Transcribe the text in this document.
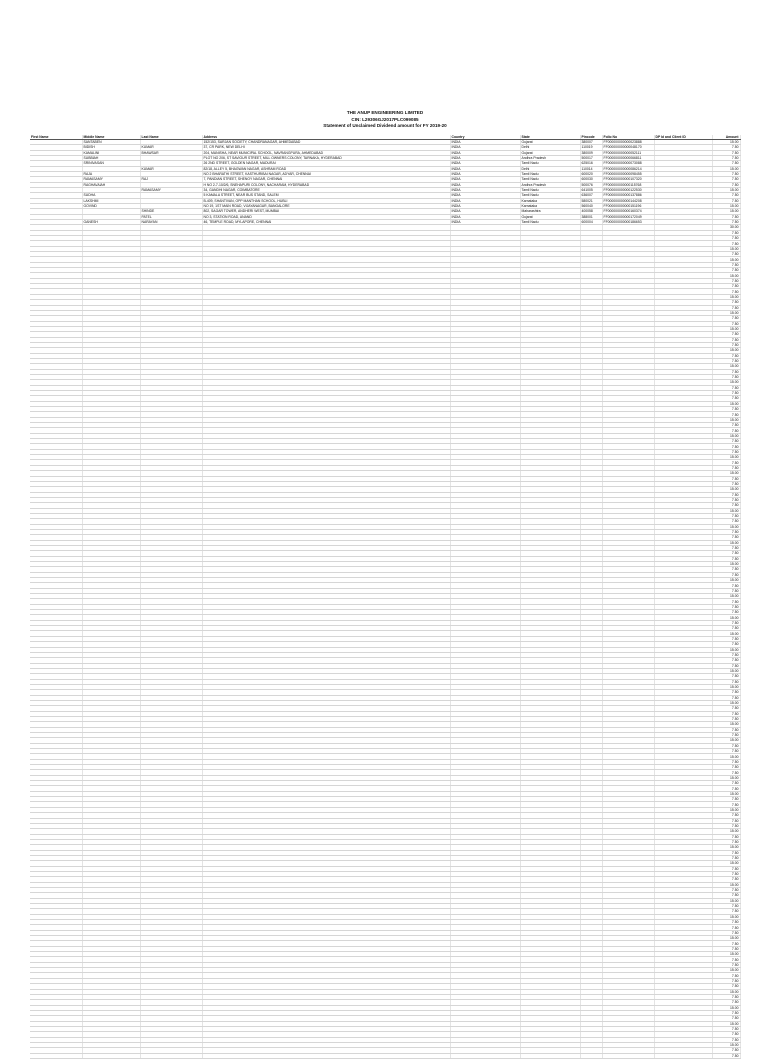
THE ANUP ENGINEERING LIMITED
CIN: L29306GJ2017PLC099085
Statement of Unclaimed Dividend amount for FY 2019-20
First Name	Middle Name	Last Name	Address	Country	State	Pincode	Folio No	DP Id and Client ID	Amount
	SANTABEN		152/153, SARJAN SOCIETY, CHANDRANAGAR, AHMEDABAD	INDIA	Gujarat	380007	FF000000000000023888		15.00
	BIDISH	KUMAR	37, CR PARK, NEW DELHI	INDIA	Delhi	110019	FF000000000000048170		7.50
	KAMALINI	BHAWSAR	204, MANISHA, NEAR MUNICIPAL SCHOOL, NAVRANGPURA, AHMEDABAD	INDIA	Gujarat	380009	FF000000000000052111		7.50
	SUBBIAH		PLOT NO 206, ST SAVIOUR STREET, MILL OWNERS COLONY, TARNAKA, HYDERABAD	INDIA	Andhra Pradesh	500017	FF000000000000066811		7.50
	SRINIVASAN		26 2ND STREET, GOLDEN NAGAR, MADURAI	INDIA	Tamil Nadu	625016	FF000000000000073088		7.50
		KUMAR	82/18, ALLEY 5, BHAGWAN NAGAR, ASHRAM ROAD	INDIA	Delhi	110014	FF000000000000086214		15.00
	RAJA		NO 2 BHARATHI STREET, KASTHURIBAI NAGAR, ADYAR, CHENNAI	INDIA	Tamil Nadu	600020	FF000000000000098455		7.50
	RAMASAMY	RAJ	7, PANDIAN STREET, SHENOY NAGAR, CHENNAI	INDIA	Tamil Nadu	600030	FF000000000000107320		7.50
	RAGHAVAIAH		H NO 2-7-10/2/6, SNEHAPURI COLONY, NACHARAM, HYDERABAD	INDIA	Andhra Pradesh	500076	FF000000000000115768		7.50
		RAMASAMY	34, GANDHI NAGAR, COIMBATORE	INDIA	Tamil Nadu	641005	FF000000000000122530		15.00
	SUDHA		5 KAMALA STREET, NEAR BUS STAND, SALEM	INDIA	Tamil Nadu	636007	FF000000000000137886		7.50
	LAKSHMI		B-409, SHANTIVAN, OPP MANTHAN SCHOOL, HUBLI	INDIA	Karnataka	580021	FF000000000000144208		7.50
	GOVIND		NO 19, 1ST MAIN ROAD, VIJAYANAGAR, BANGALORE	INDIA	Karnataka	560040	FF000000000000151196		15.00
		SHINDE	802, SAGAR TOWER, ANDHERI WEST, MUMBAI	INDIA	Maharashtra	400058	FF000000000000160374		15.00
		PATEL	NO 3, STATION ROAD, ANAND	INDIA	Gujarat	388001	FF000000000000172049		7.50
	GANESH	NARAYAN	46, TEMPLE ROAD, MYLAPORE, CHENNAI	INDIA	Tamil Nadu	600004	FF000000000000186653		7.50
									30.00
									7.50
									7.50
									7.50
									15.00
									7.50
									15.00
									7.50
									7.50
									15.00
									7.50
									7.50
									7.50
									15.00
									7.50
									7.50
									15.00
									7.50
									7.50
									15.00
									7.50
									7.50
									7.50
									15.00
									7.50
									7.50
									15.00
									7.50
									7.50
									15.00
									7.50
									7.50
									7.50
									15.00
									7.50
									7.50
									15.00
									7.50
									7.50
									15.00
									7.50
									7.50
									7.50
									15.00
									7.50
									7.50
									15.00
									7.50
									7.50
									15.00
									7.50
									7.50
									7.50
									15.00
									7.50
									7.50
									15.00
									7.50
									7.50
									15.00
									7.50
									7.50
									7.50
									15.00
									7.50
									7.50
									15.00
									7.50
									7.50
									15.00
									7.50
									7.50
									7.50
									15.00
									7.50
									7.50
									15.00
									7.50
									7.50
									15.00
									7.50
									7.50
									7.50
									15.00
									7.50
									7.50
									15.00
									7.50
									7.50
									15.00
									7.50
									7.50
									7.50
									15.00
									7.50
									7.50
									15.00
									7.50
									7.50
									15.00
									7.50
									7.50
									7.50
									15.00
									7.50
									7.50
									15.00
									7.50
									7.50
									15.00
									7.50
									7.50
									7.50
									15.00
									7.50
									7.50
									15.00
									7.50
									7.50
									15.00
									7.50
									7.50
									7.50
									15.00
									7.50
									7.50
									15.00
									7.50
									7.50
									15.00
									7.50
									7.50
									7.50
									15.00
									7.50
									7.50
									15.00
									7.50
									7.50
									15.00
									7.50
									7.50
									7.50
									15.00
									7.50
									7.50
									15.00
									7.50
									7.50
									15.00
									7.50
									7.50
									7.50
									15.00
									7.50
									7.50
